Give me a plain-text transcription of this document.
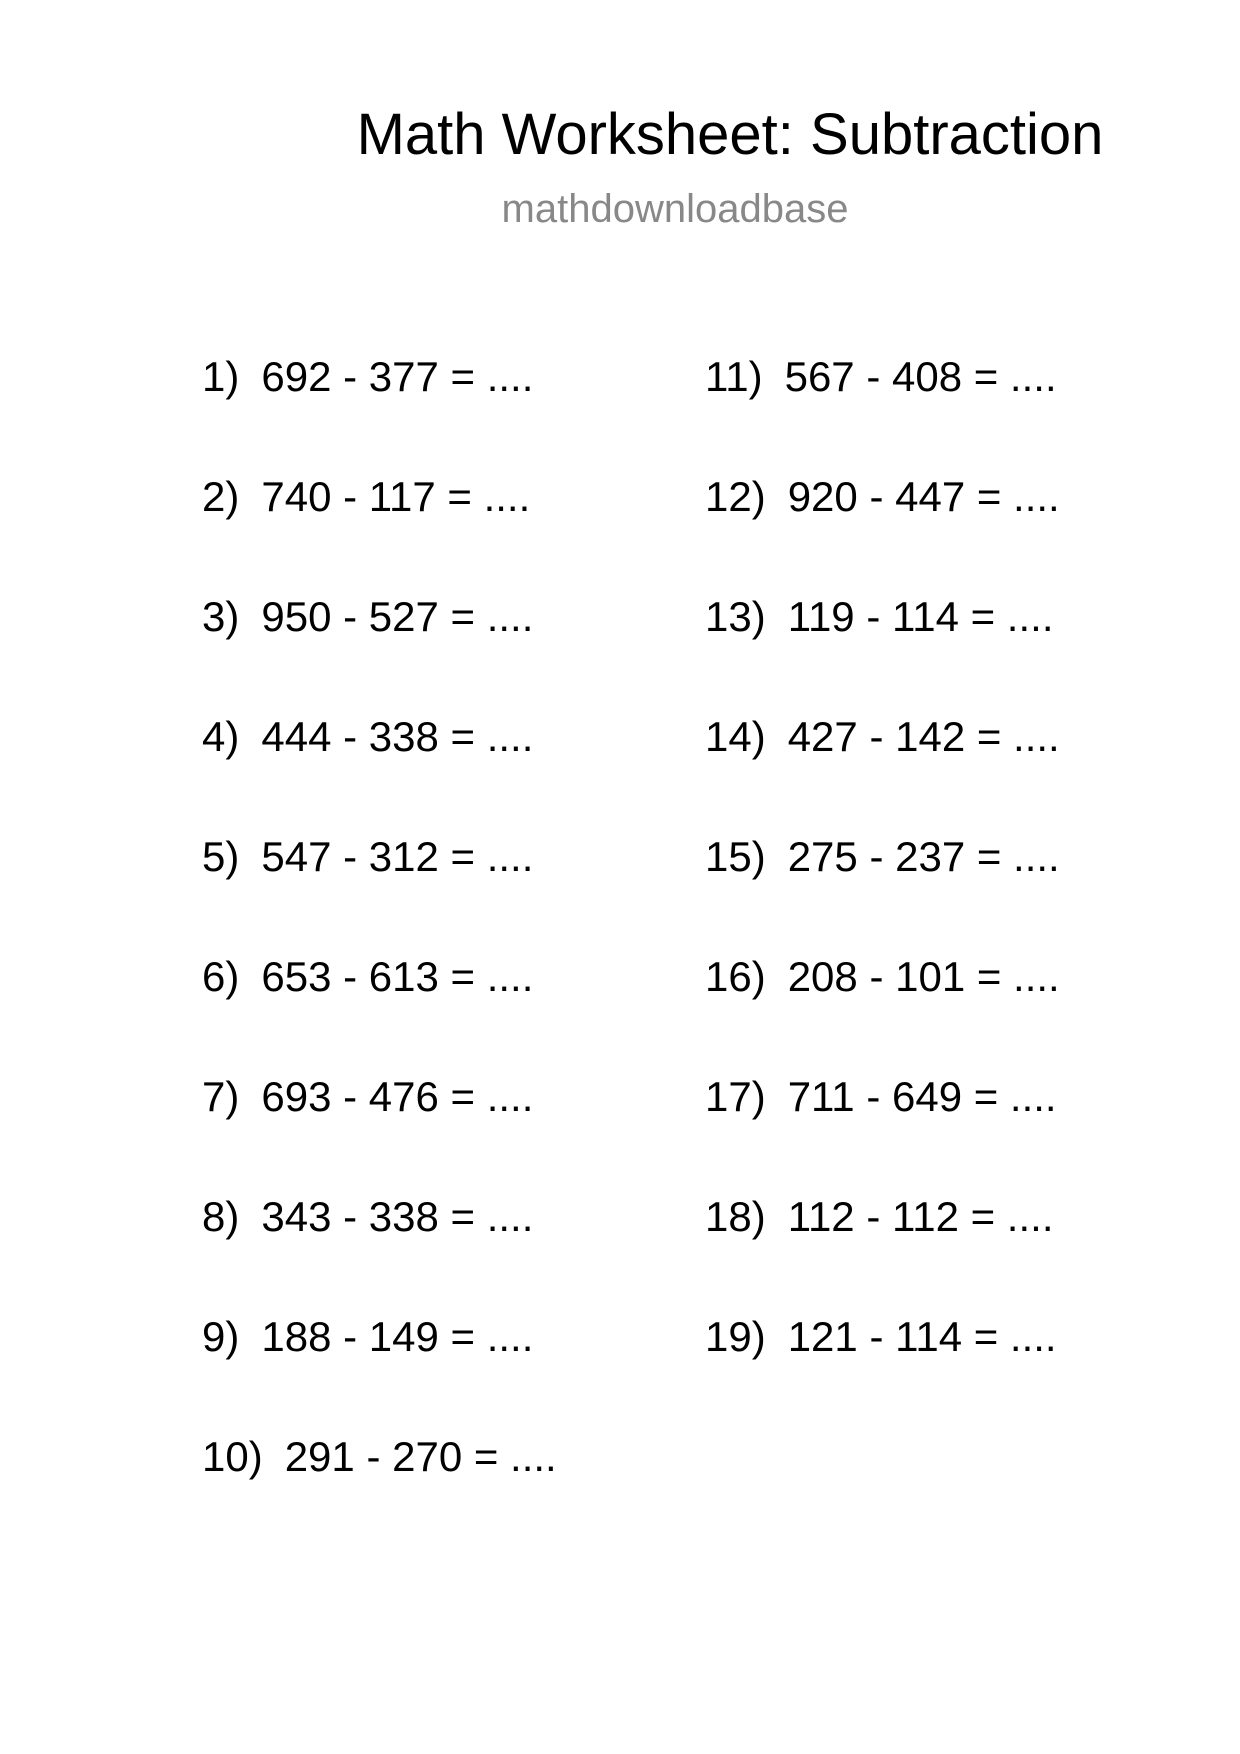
Math Worksheet: Subtraction
mathdownloadbase
1) 692 - 377 = ....
2) 740 - 117 = ....
3) 950 - 527 = ....
4) 444 - 338 = ....
5) 547 - 312 = ....
6) 653 - 613 = ....
7) 693 - 476 = ....
8) 343 - 338 = ....
9) 188 - 149 = ....
10) 291 - 270 = ....
11) 567 - 408 = ....
12) 920 - 447 = ....
13) 119 - 114 = ....
14) 427 - 142 = ....
15) 275 - 237 = ....
16) 208 - 101 = ....
17) 711 - 649 = ....
18) 112 - 112 = ....
19) 121 - 114 = ....
